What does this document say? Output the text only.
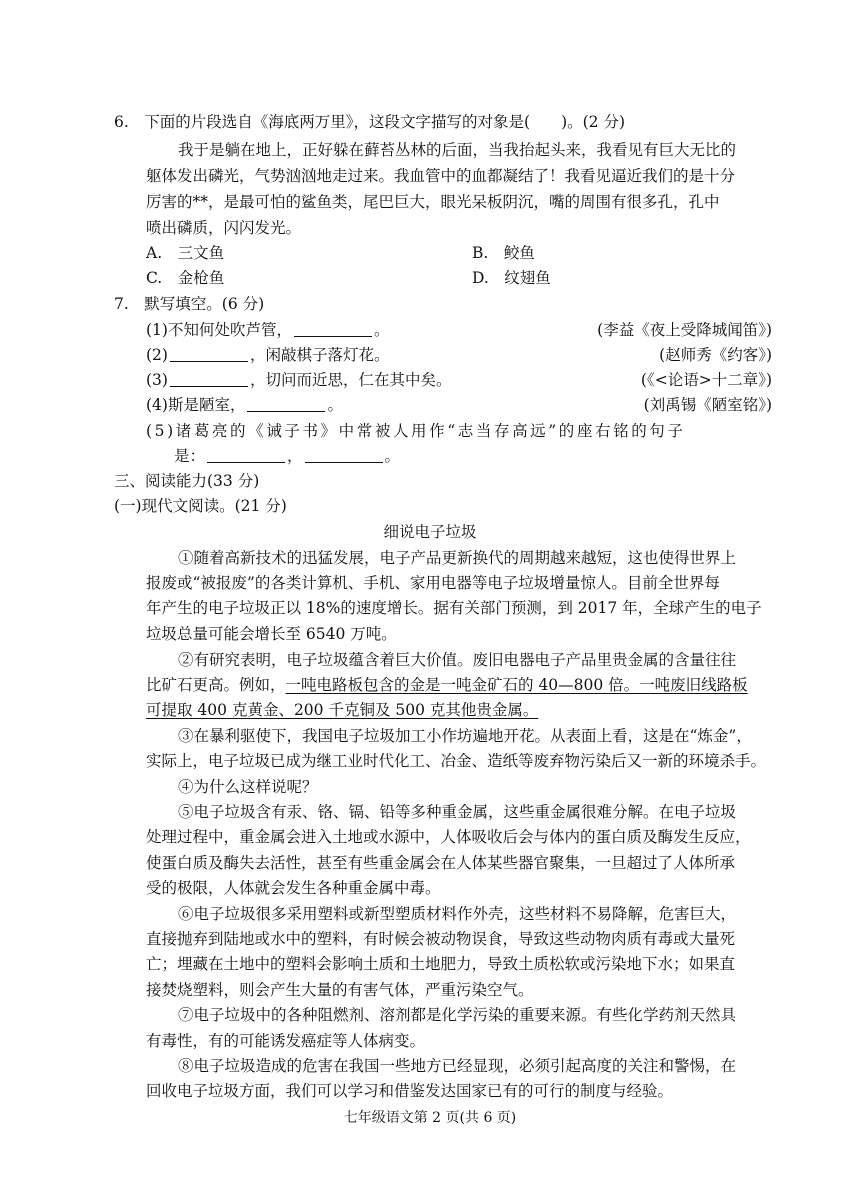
6.　下面的片段选自《海底两万里》，这段文字描写的对象是(　　)。(2 分)
我于是躺在地上，正好躲在藓苔丛林的后面，当我抬起头来，我看见有巨大无比的
躯体发出磷光，气势汹汹地走过来。我血管中的血都凝结了！我看见逼近我们的是十分
厉害的**，是最可怕的鲨鱼类，尾巴巨大，眼光呆板阴沉，嘴的周围有很多孔，孔中
喷出磷质，闪闪发光。
A.　三文鱼	B.　鲛鱼
C.　金枪鱼	D.　纹翅鱼
7.　默写填空。(6 分)
(1)不知何处吹芦管，	。	(李益《夜上受降城闻笛》)
(2)	，闲敲棋子落灯花。	(赵师秀《约客》)
(3)	，切问而近思，仁在其中矣。	(《<论语>十二章》)
(4)斯是陋室，	。	(刘禹锡《陋室铭》)
(5)诸葛亮的《诫子书》中常被人用作“志当存高远”的座右铭的句子
是：	，	。
三、阅读能力(33 分)
(一)现代文阅读。(21 分)
细说电子垃圾
①随着高新技术的迅猛发展，电子产品更新换代的周期越来越短，这也使得世界上
报废或“被报废”的各类计算机、手机、家用电器等电子垃圾增量惊人。目前全世界每
年产生的电子垃圾正以 18%的速度增长。据有关部门预测，到 2017 年，全球产生的电子
垃圾总量可能会增长至 6540 万吨。
②有研究表明，电子垃圾蕴含着巨大价值。废旧电器电子产品里贵金属的含量往往
比矿石更高。例如，一吨电路板包含的金是一吨金矿石的 40—800 倍。一吨废旧线路板
可提取 400 克黄金、200 千克铜及 500 克其他贵金属。
③在暴利驱使下，我国电子垃圾加工小作坊遍地开花。从表面上看，这是在“炼金”，
实际上，电子垃圾已成为继工业时代化工、冶金、造纸等废弃物污染后又一新的环境杀手。
④为什么这样说呢？
⑤电子垃圾含有汞、铬、镉、铅等多种重金属，这些重金属很难分解。在电子垃圾
处理过程中，重金属会进入土地或水源中，人体吸收后会与体内的蛋白质及酶发生反应，
使蛋白质及酶失去活性，甚至有些重金属会在人体某些器官聚集，一旦超过了人体所承
受的极限，人体就会发生各种重金属中毒。
⑥电子垃圾很多采用塑料或新型塑质材料作外壳，这些材料不易降解，危害巨大，
直接抛弃到陆地或水中的塑料，有时候会被动物误食，导致这些动物肉质有毒或大量死
亡；埋藏在土地中的塑料会影响土质和土地肥力，导致土质松软或污染地下水；如果直
接焚烧塑料，则会产生大量的有害气体，严重污染空气。
⑦电子垃圾中的各种阻燃剂、溶剂都是化学污染的重要来源。有些化学药剂天然具
有毒性，有的可能诱发癌症等人体病变。
⑧电子垃圾造成的危害在我国一些地方已经显现，必须引起高度的关注和警惕，在
回收电子垃圾方面，我们可以学习和借鉴发达国家已有的可行的制度与经验。
七年级语文第 2 页(共 6 页)
